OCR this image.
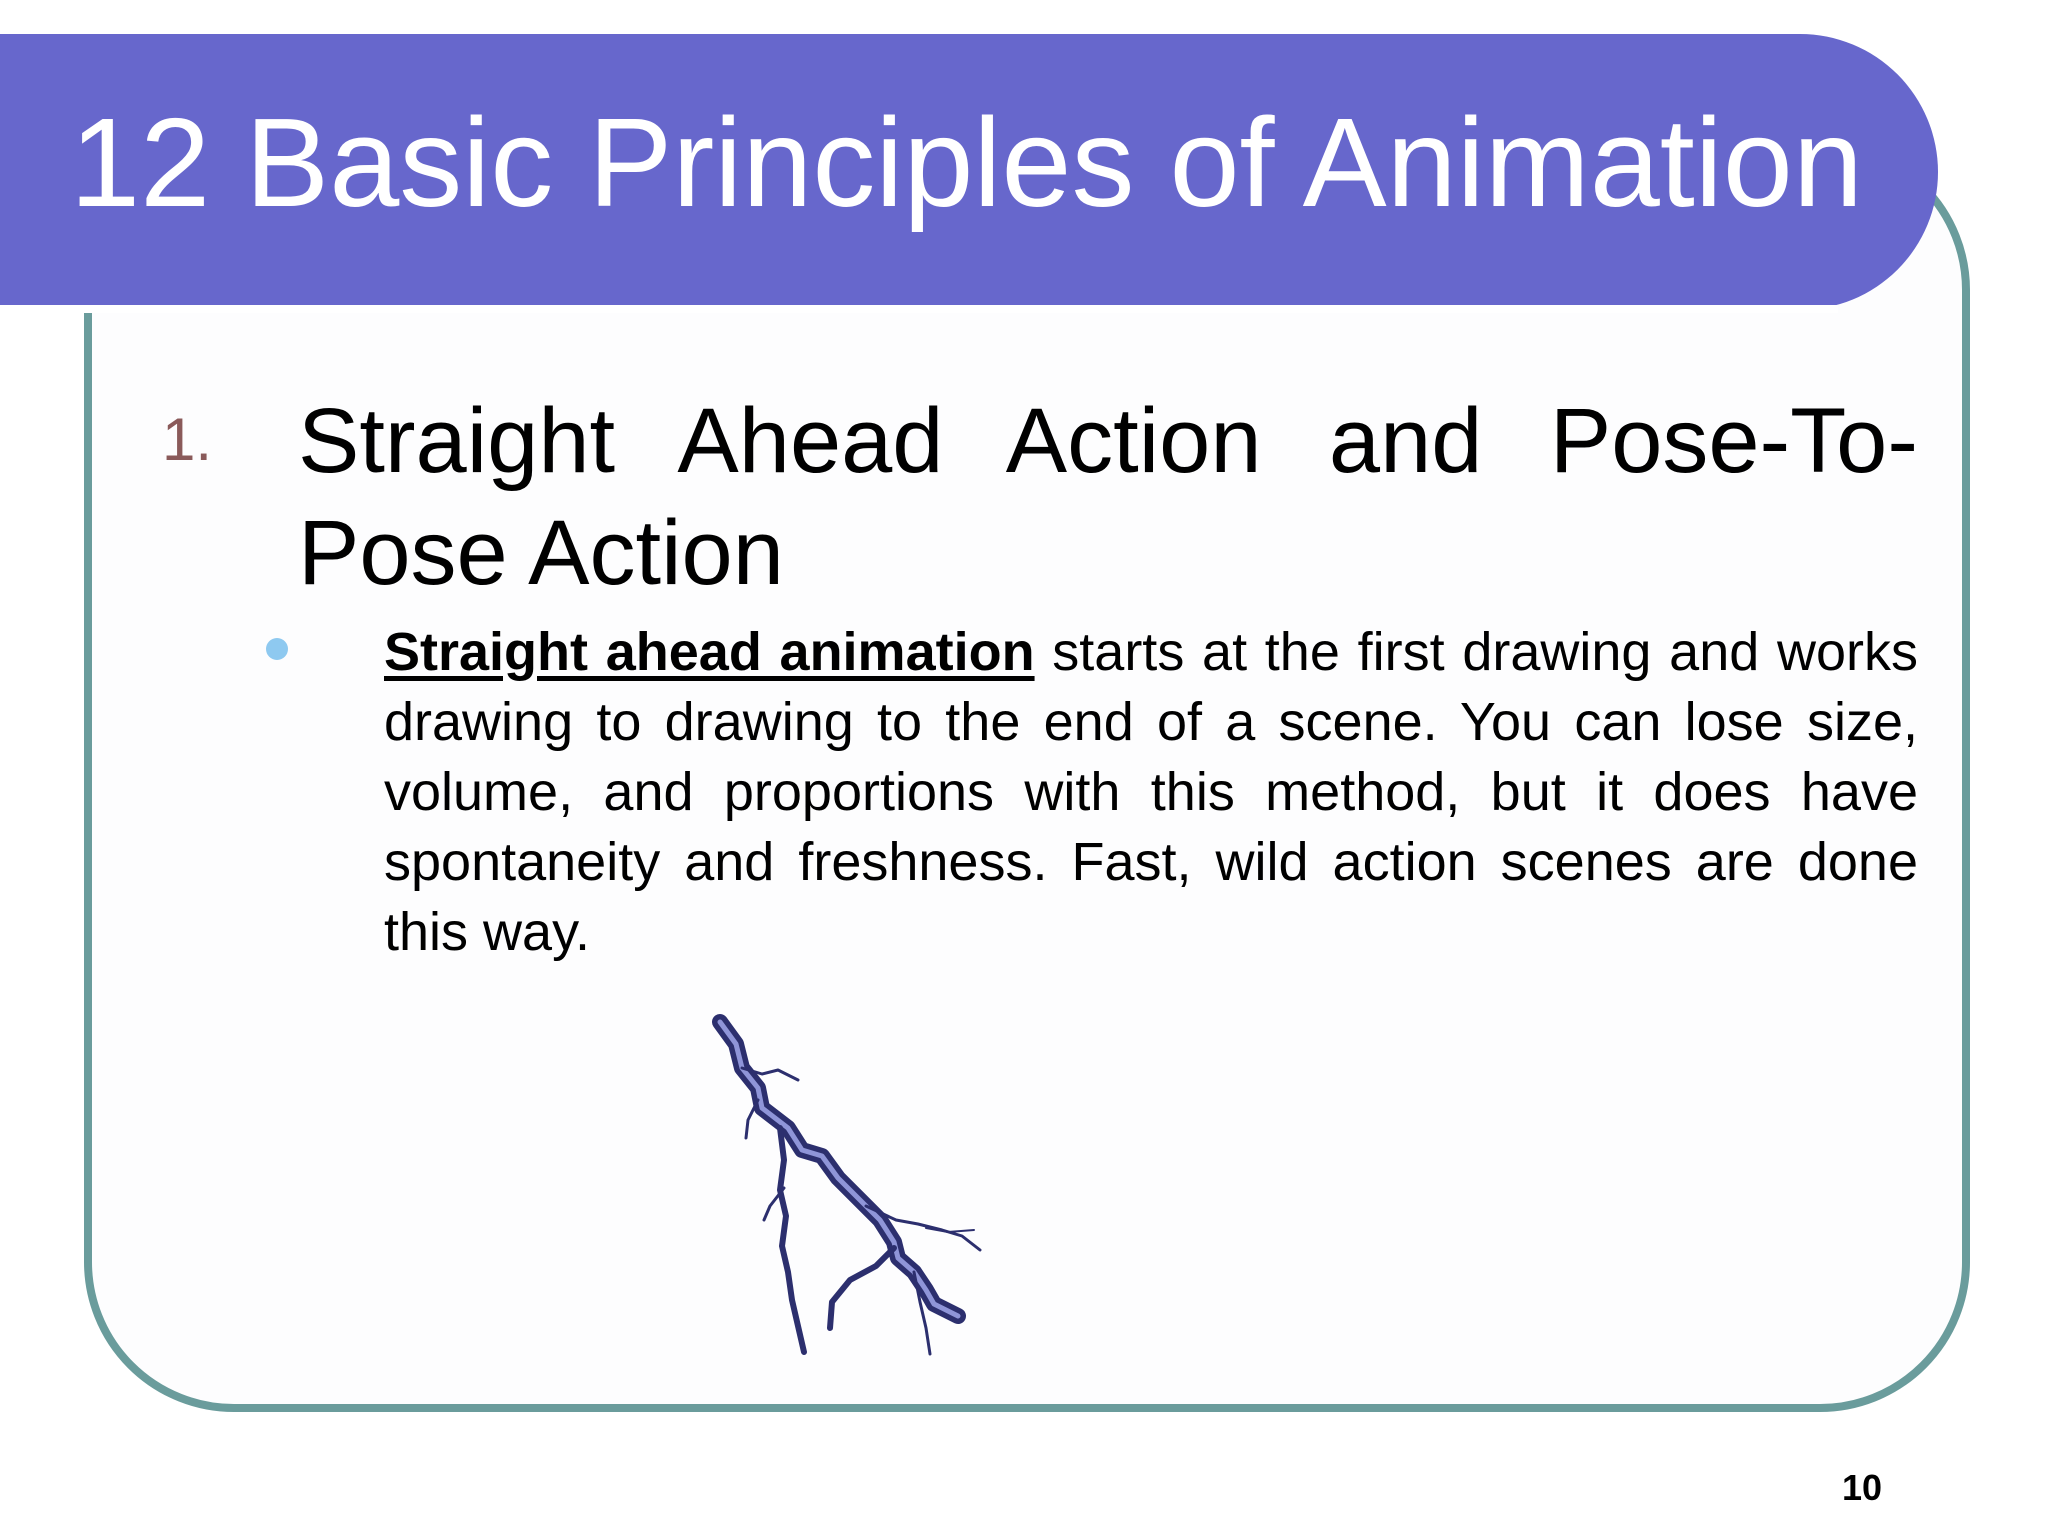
12 Basic Principles of Animation
1. Straight Ahead Action and Pose-To-Pose Action

Straight ahead animation starts at the first drawing and works drawing to drawing to the end of a scene. You can lose size, volume, and proportions with this method, but it does have spontaneity and freshness. Fast, wild action scenes are done this way.

10
